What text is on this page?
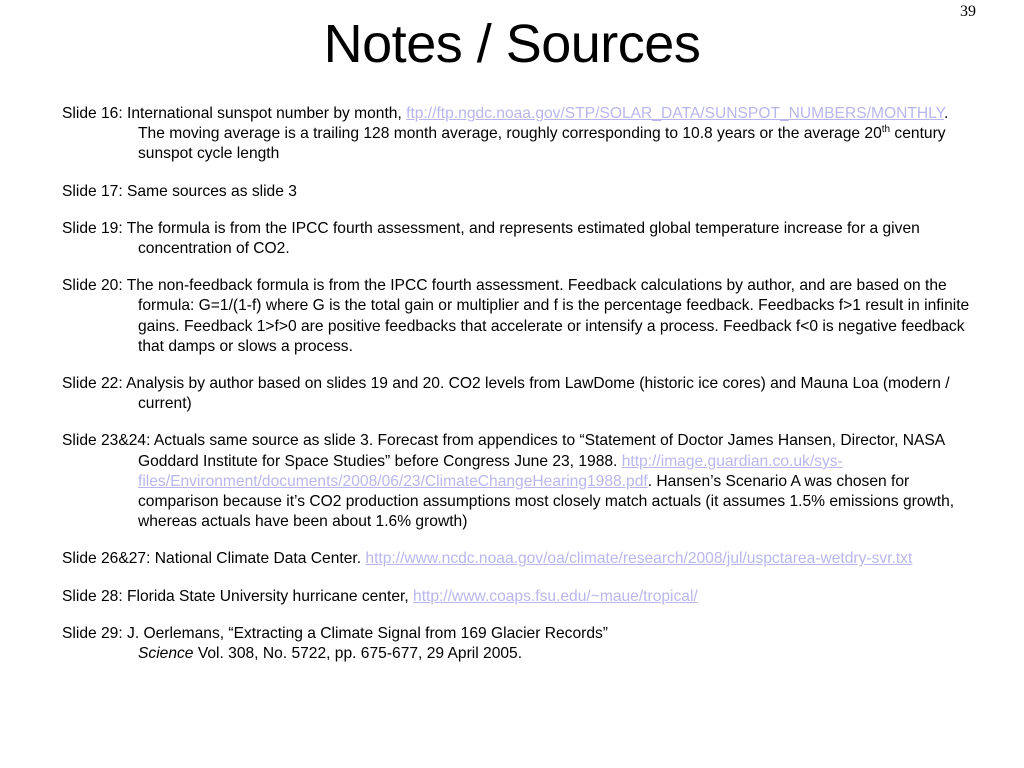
39
Notes / Sources

Slide 16: International sunspot number by month, ftp://ftp.ngdc.noaa.gov/STP/SOLAR_DATA/SUNSPOT_NUMBERS/MONTHLY. The moving average is a trailing 128 month average, roughly corresponding to 10.8 years or the average 20th century sunspot cycle length

Slide 17: Same sources as slide 3

Slide 19: The formula is from the IPCC fourth assessment, and represents estimated global temperature increase for a given concentration of CO2.

Slide 20: The non-feedback formula is from the IPCC fourth assessment. Feedback calculations by author, and are based on the formula: G=1/(1-f) where G is the total gain or multiplier and f is the percentage feedback. Feedbacks f>1 result in infinite gains. Feedback 1>f>0 are positive feedbacks that accelerate or intensify a process. Feedback f<0 is negative feedback that damps or slows a process.

Slide 22: Analysis by author based on slides 19 and 20. CO2 levels from LawDome (historic ice cores) and Mauna Loa (modern / current)

Slide 23&24: Actuals same source as slide 3. Forecast from appendices to “Statement of Doctor James Hansen, Director, NASA Goddard Institute for Space Studies” before Congress June 23, 1988. http://image.guardian.co.uk/sys-files/Environment/documents/2008/06/23/ClimateChangeHearing1988.pdf. Hansen’s Scenario A was chosen for comparison because it’s CO2 production assumptions most closely match actuals (it assumes 1.5% emissions growth, whereas actuals have been about 1.6% growth)

Slide 26&27: National Climate Data Center. http://www.ncdc.noaa.gov/oa/climate/research/2008/jul/uspctarea-wetdry-svr.txt

Slide 28: Florida State University hurricane center, http://www.coaps.fsu.edu/~maue/tropical/

Slide 29: J. Oerlemans, “Extracting a Climate Signal from 169 Glacier Records”
Science Vol. 308, No. 5722, pp. 675-677, 29 April 2005.
